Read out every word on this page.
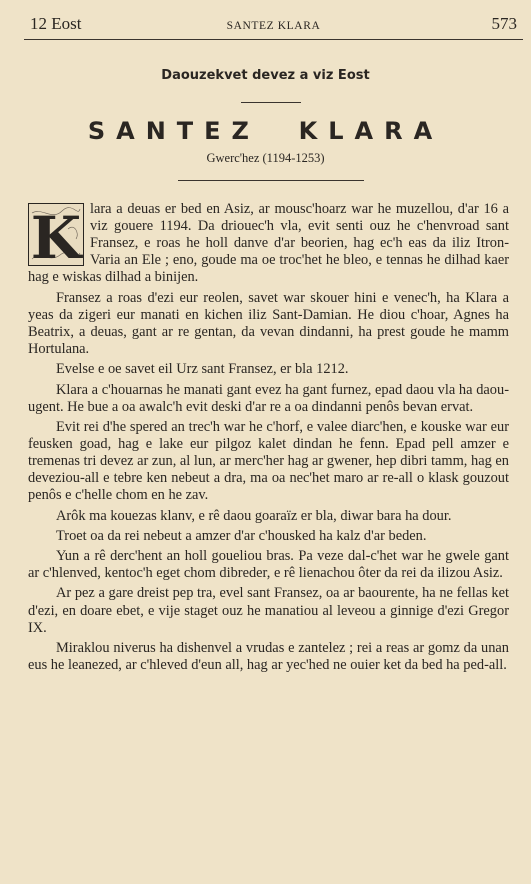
12 Eost	SANTEZ KLARA	573
Daouzekvet devez a viz Eost
SANTEZ  KLARA
Gwerc'hez (1194-1253)

K lara a deuas er bed en Asiz, ar mousc'hoarz war he muzellou, d'ar 16 a viz gouere 1194. Da driouec'h vla, evit senti ouz he c'henvroad sant Fransez, e roas he holl danve d'ar beorien, hag ec'h eas da iliz Itron-Varia an Ele ; eno, goude ma oe troc'het he bleo, e tennas he dilhad kaer hag e wiskas dilhad a binijen.

Fransez a roas d'ezi eur reolen, savet war skouer hini e venec'h, ha Klara a yeas da zigeri eur manati en kichen iliz Sant-Damian. He diou c'hoar, Agnes ha Beatrix, a deuas, gant ar re gentan, da vevan dindanni, ha prest goude he mamm Hortulana.

Evelse e oe savet eil Urz sant Fransez, er bla 1212.

Klara a c'houarnas he manati gant evez ha gant furnez, epad daou vla ha daou-ugent. He bue a oa awalc'h evit deski d'ar re a oa dindanni penôs bevan ervat.

Evit rei d'he spered an trec'h war he c'horf, e valee diarc'hen, e kouske war eur feusken goad, hag e lake eur pilgoz kalet dindan he fenn. Epad pell amzer e tremenas tri devez ar zun, al lun, ar merc'her hag ar gwener, hep dibri tamm, hag en deveziou-all e tebre ken nebeut a dra, ma oa nec'het maro ar re-all o klask gouzout penôs e c'helle chom en he zav.

Arôk ma kouezas klanv, e rê daou goaraïz er bla, diwar bara ha dour.

Troet oa da rei nebeut a amzer d'ar c'housked ha kalz d'ar beden.

Yun a rê derc'hent an holl goueliou bras. Pa veze dal-c'het war he gwele gant ar c'hlenved, kentoc'h eget chom dibreder, e rê lienachou ôter da rei da ilizou Asiz.

Ar pez a gare dreist pep tra, evel sant Fransez, oa ar baourente, ha ne fellas ket d'ezi, en doare ebet, e vije staget ouz he manatiou al leveou a ginnige d'ezi Gregor IX.

Miraklou niverus ha dishenvel a vrudas e zantelez ; rei a reas ar gomz da unan eus he leanezed, ar c'hleved d'eun all, hag ar yec'hed ne ouier ket da bed ha ped-all.
